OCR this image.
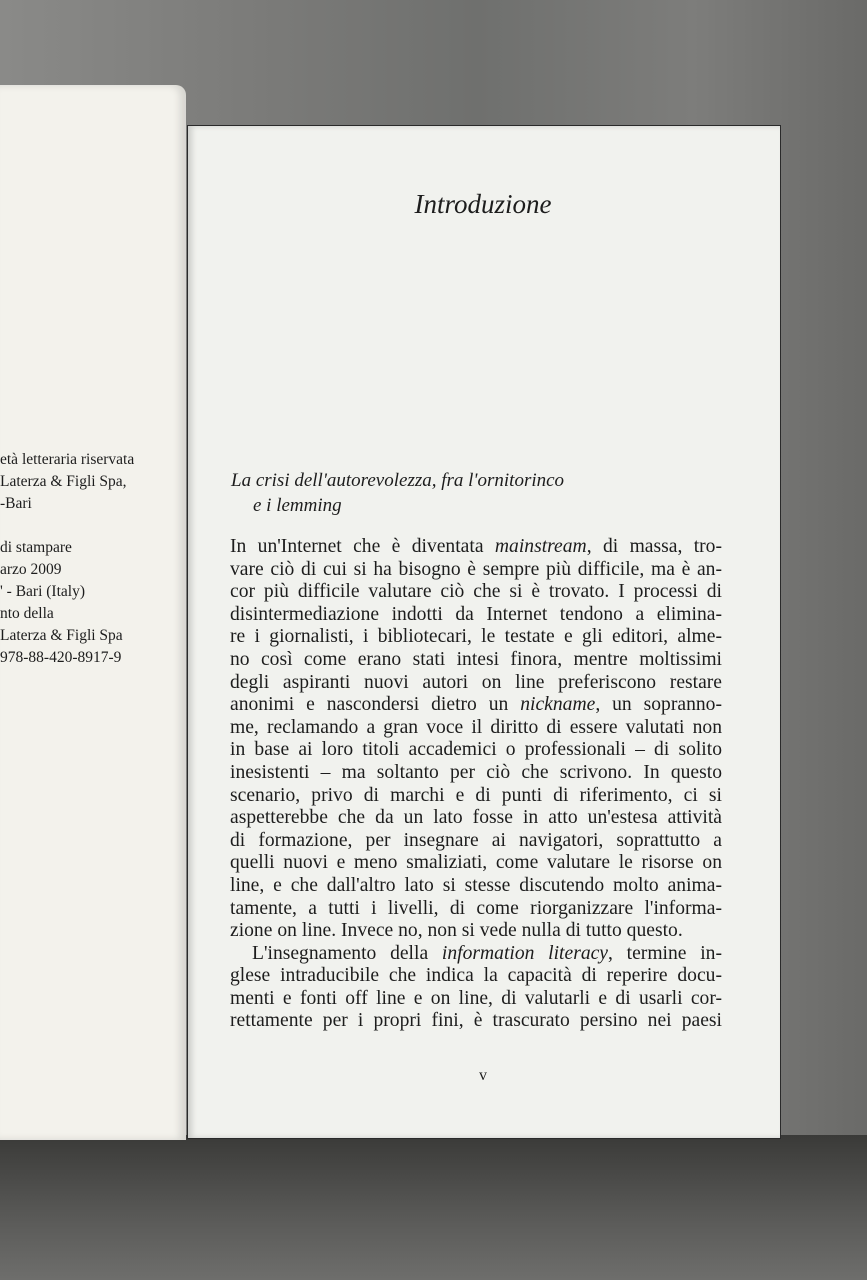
età letteraria riservata
Laterza & Figli Spa,
-Bari
di stampare
arzo 2009
' - Bari (Italy)
nto della
Laterza & Figli Spa
978-88-420-8917-9
Introduzione
La crisi dell'autorevolezza, fra l'ornitorinco
e i lemming
In un'Internet che è diventata mainstream, di massa, tro-
vare ciò di cui si ha bisogno è sempre più difficile, ma è an-
cor più difficile valutare ciò che si è trovato. I processi di
disintermediazione indotti da Internet tendono a elimina-
re i giornalisti, i bibliotecari, le testate e gli editori, alme-
no così come erano stati intesi finora, mentre moltissimi
degli aspiranti nuovi autori on line preferiscono restare
anonimi e nascondersi dietro un nickname, un sopranno-
me, reclamando a gran voce il diritto di essere valutati non
in base ai loro titoli accademici o professionali – di solito
inesistenti – ma soltanto per ciò che scrivono. In questo
scenario, privo di marchi e di punti di riferimento, ci si
aspetterebbe che da un lato fosse in atto un'estesa attività
di formazione, per insegnare ai navigatori, soprattutto a
quelli nuovi e meno smaliziati, come valutare le risorse on
line, e che dall'altro lato si stesse discutendo molto anima-
tamente, a tutti i livelli, di come riorganizzare l'informa-
zione on line. Invece no, non si vede nulla di tutto questo.
L'insegnamento della information literacy, termine in-
glese intraducibile che indica la capacità di reperire docu-
menti e fonti off line e on line, di valutarli e di usarli cor-
rettamente per i propri fini, è trascurato persino nei paesi
v
